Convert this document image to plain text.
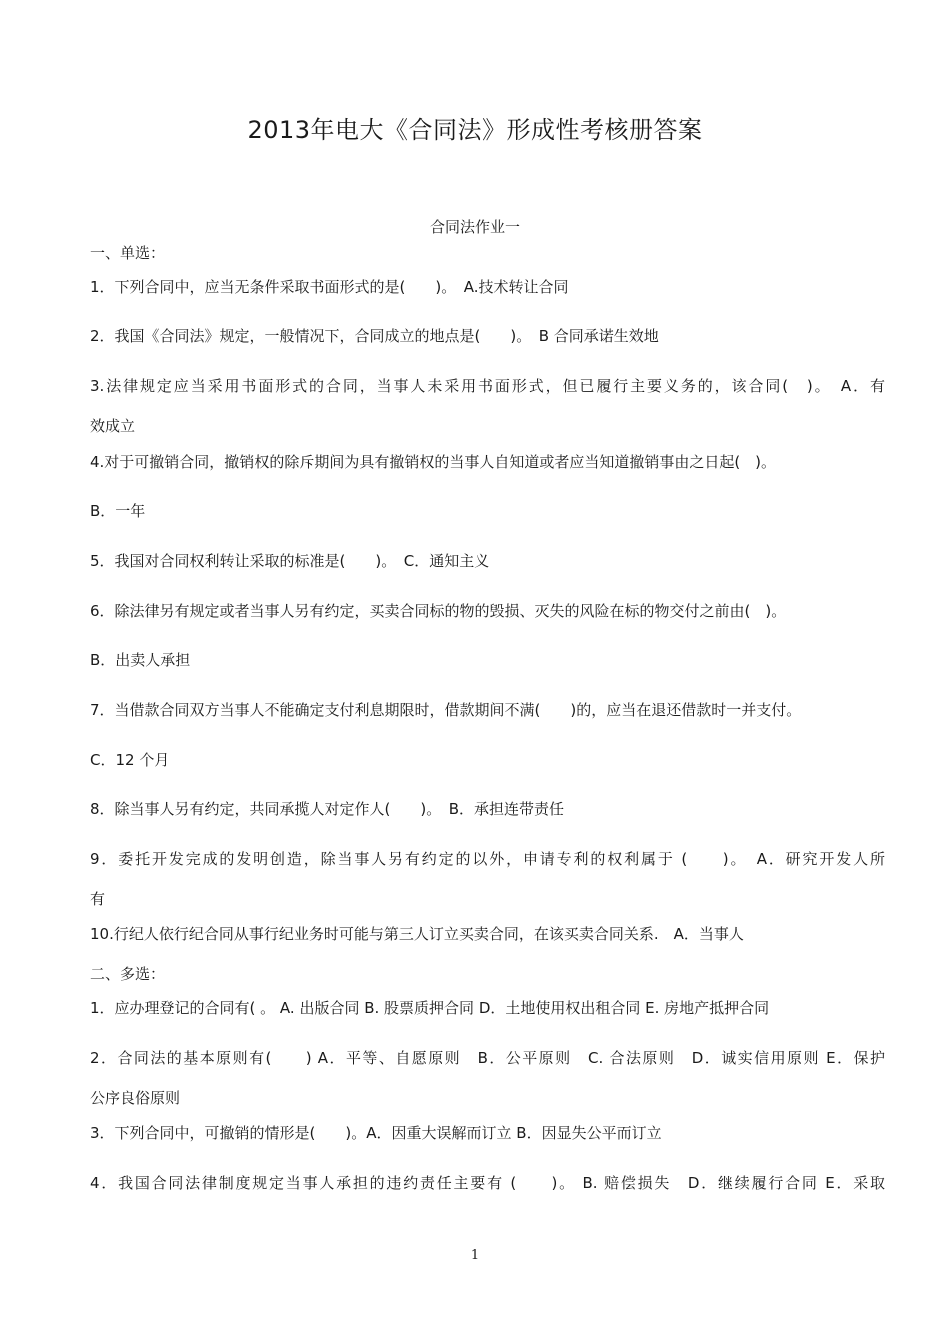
2013年电大《合同法》形成性考核册答案
合同法作业一
一、单选：
1．下列合同中，应当无条件采取书面形式的是(　　)。　A.技术转让合同
2．我国《合同法》规定，一般情况下，合同成立的地点是(　　)。　B 合同承诺生效地
3.法律规定应当采用书面形式的合同，当事人未采用书面形式，但已履行主要义务的，该合同(　)。　A．有
效成立
4.对于可撤销合同，撤销权的除斥期间为具有撤销权的当事人自知道或者应当知道撤销事由之日起(　)。
B．一年
5．我国对合同权利转让采取的标准是(　　)。　C．通知主义
6．除法律另有规定或者当事人另有约定，买卖合同标的物的毁损、灭失的风险在标的物交付之前由(　)。
B．出卖人承担
7．当借款合同双方当事人不能确定支付利息期限时，借款期间不满(　　)的，应当在退还借款时一并支付。
C．12 个月
8．除当事人另有约定，共同承揽人对定作人(　　)。　B．承担连带责任
9．委托开发完成的发明创造，除当事人另有约定的以外，申请专利的权利属于 (　　)。　A．研究开发人所
有
10.行纪人依行纪合同从事行纪业务时可能与第三人订立买卖合同，在该买卖合同关系.　A．当事人
二、多选：
1．应办理登记的合同有( 。 A. 出版合同 B. 股票质押合同 D．土地使用权出租合同 E. 房地产抵押合同
2．合同法的基本原则有(　　) A．平等、自愿原则　B．公平原则　C. 合法原则　D．诚实信用原则 E．保护
公序良俗原则
3．下列合同中，可撤销的情形是(　　)。A．因重大误解而订立 B．因显失公平而订立
4．我国合同法律制度规定当事人承担的违约责任主要有 (　　)。 B. 赔偿损失　D．继续履行合同 E．采取
1
